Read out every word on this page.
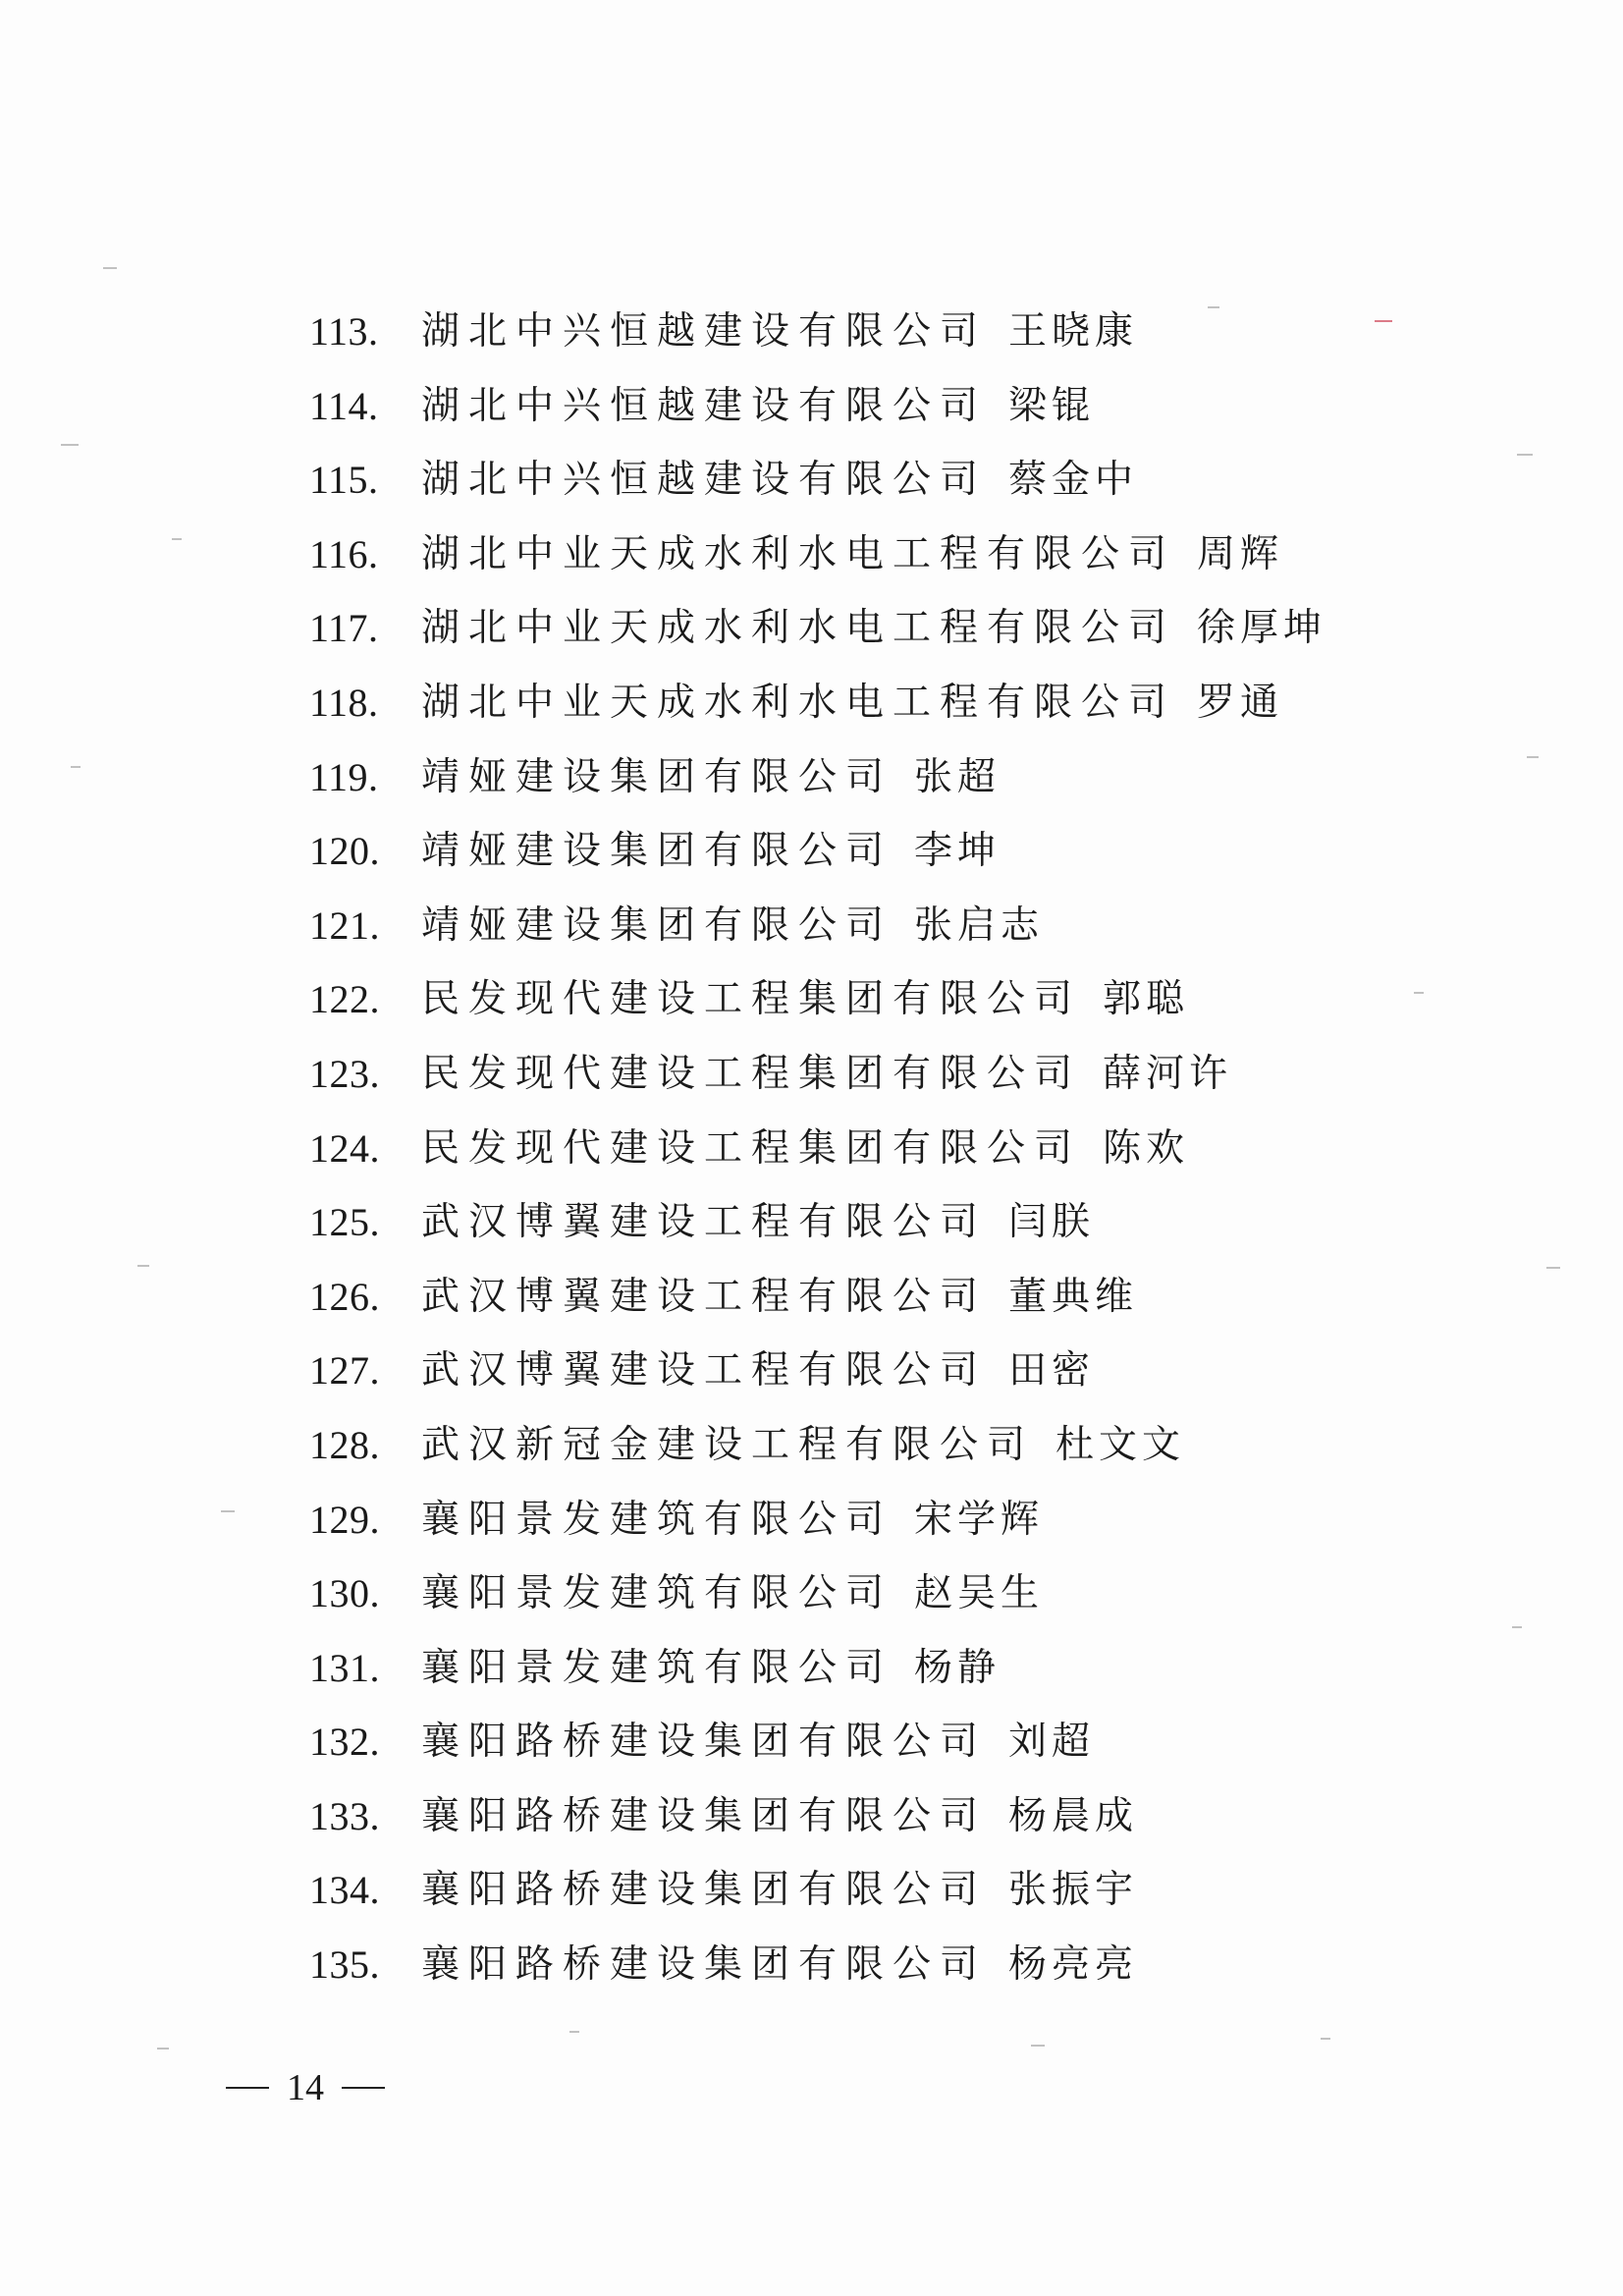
113.	湖北中兴恒越建设有限公司 王晓康
114.	湖北中兴恒越建设有限公司 梁锟
115.	湖北中兴恒越建设有限公司 蔡金中
116.	湖北中业天成水利水电工程有限公司 周辉
117.	湖北中业天成水利水电工程有限公司 徐厚坤
118.	湖北中业天成水利水电工程有限公司 罗通
119.	靖娅建设集团有限公司 张超
120.	靖娅建设集团有限公司 李坤
121.	靖娅建设集团有限公司 张启志
122.	民发现代建设工程集团有限公司 郭聪
123.	民发现代建设工程集团有限公司 薛河许
124.	民发现代建设工程集团有限公司 陈欢
125.	武汉博翼建设工程有限公司 闫朕
126.	武汉博翼建设工程有限公司 董典维
127.	武汉博翼建设工程有限公司 田密
128.	武汉新冠金建设工程有限公司 杜文文
129.	襄阳景发建筑有限公司 宋学辉
130.	襄阳景发建筑有限公司 赵吴生
131.	襄阳景发建筑有限公司 杨静
132.	襄阳路桥建设集团有限公司 刘超
133.	襄阳路桥建设集团有限公司 杨晨成
134.	襄阳路桥建设集团有限公司 张振宇
135.	襄阳路桥建设集团有限公司 杨亮亮
14
